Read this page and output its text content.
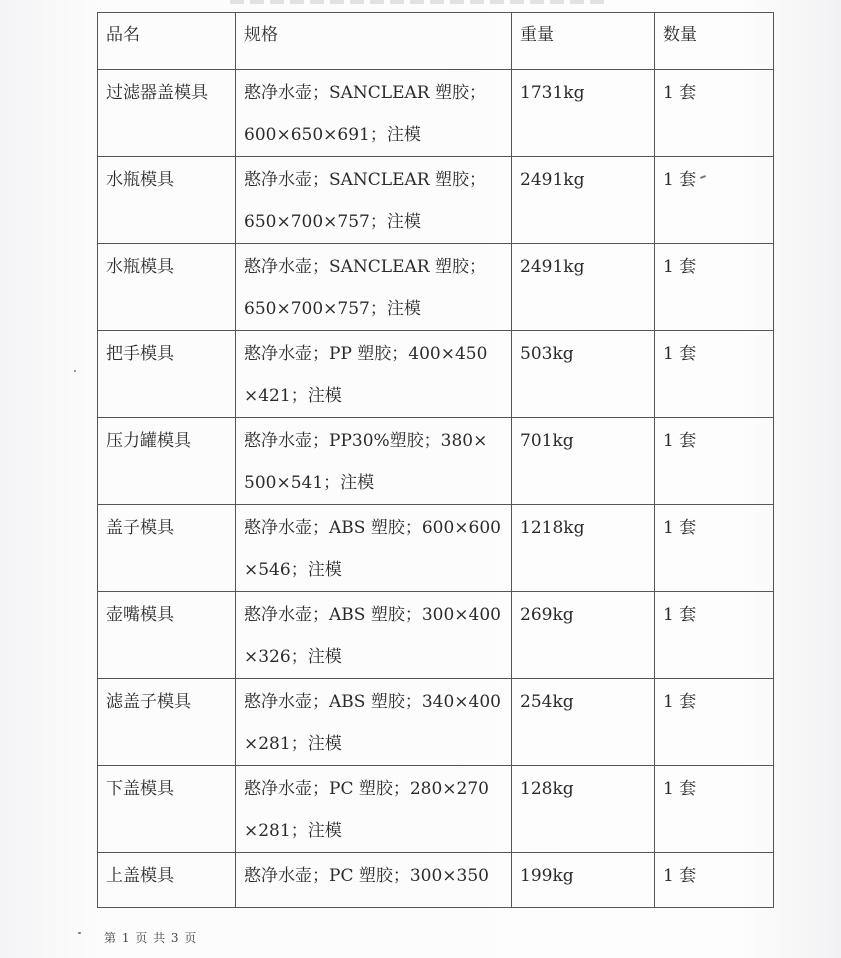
品名	规格	重量	数量
过滤器盖模具	憨净水壶；SANCLEAR 塑胶；
600×650×691；注模	1731kg	1 套
水瓶模具	憨净水壶；SANCLEAR 塑胶；
650×700×757；注模	2491kg	1 套
水瓶模具	憨净水壶；SANCLEAR 塑胶；
650×700×757；注模	2491kg	1 套
把手模具	憨净水壶；PP 塑胶；400×450
×421；注模	503kg	1 套
压力罐模具	憨净水壶；PP30%塑胶；380×
500×541；注模	701kg	1 套
盖子模具	憨净水壶；ABS 塑胶；600×600
×546；注模	1218kg	1 套
壶嘴模具	憨净水壶；ABS 塑胶；300×400
×326；注模	269kg	1 套
滤盖子模具	憨净水壶；ABS 塑胶；340×400
×281；注模	254kg	1 套
下盖模具	憨净水壶；PC 塑胶；280×270
×281；注模	128kg	1 套
上盖模具	憨净水壶；PC 塑胶；300×350	199kg	1 套
第 1 页 共 3 页
